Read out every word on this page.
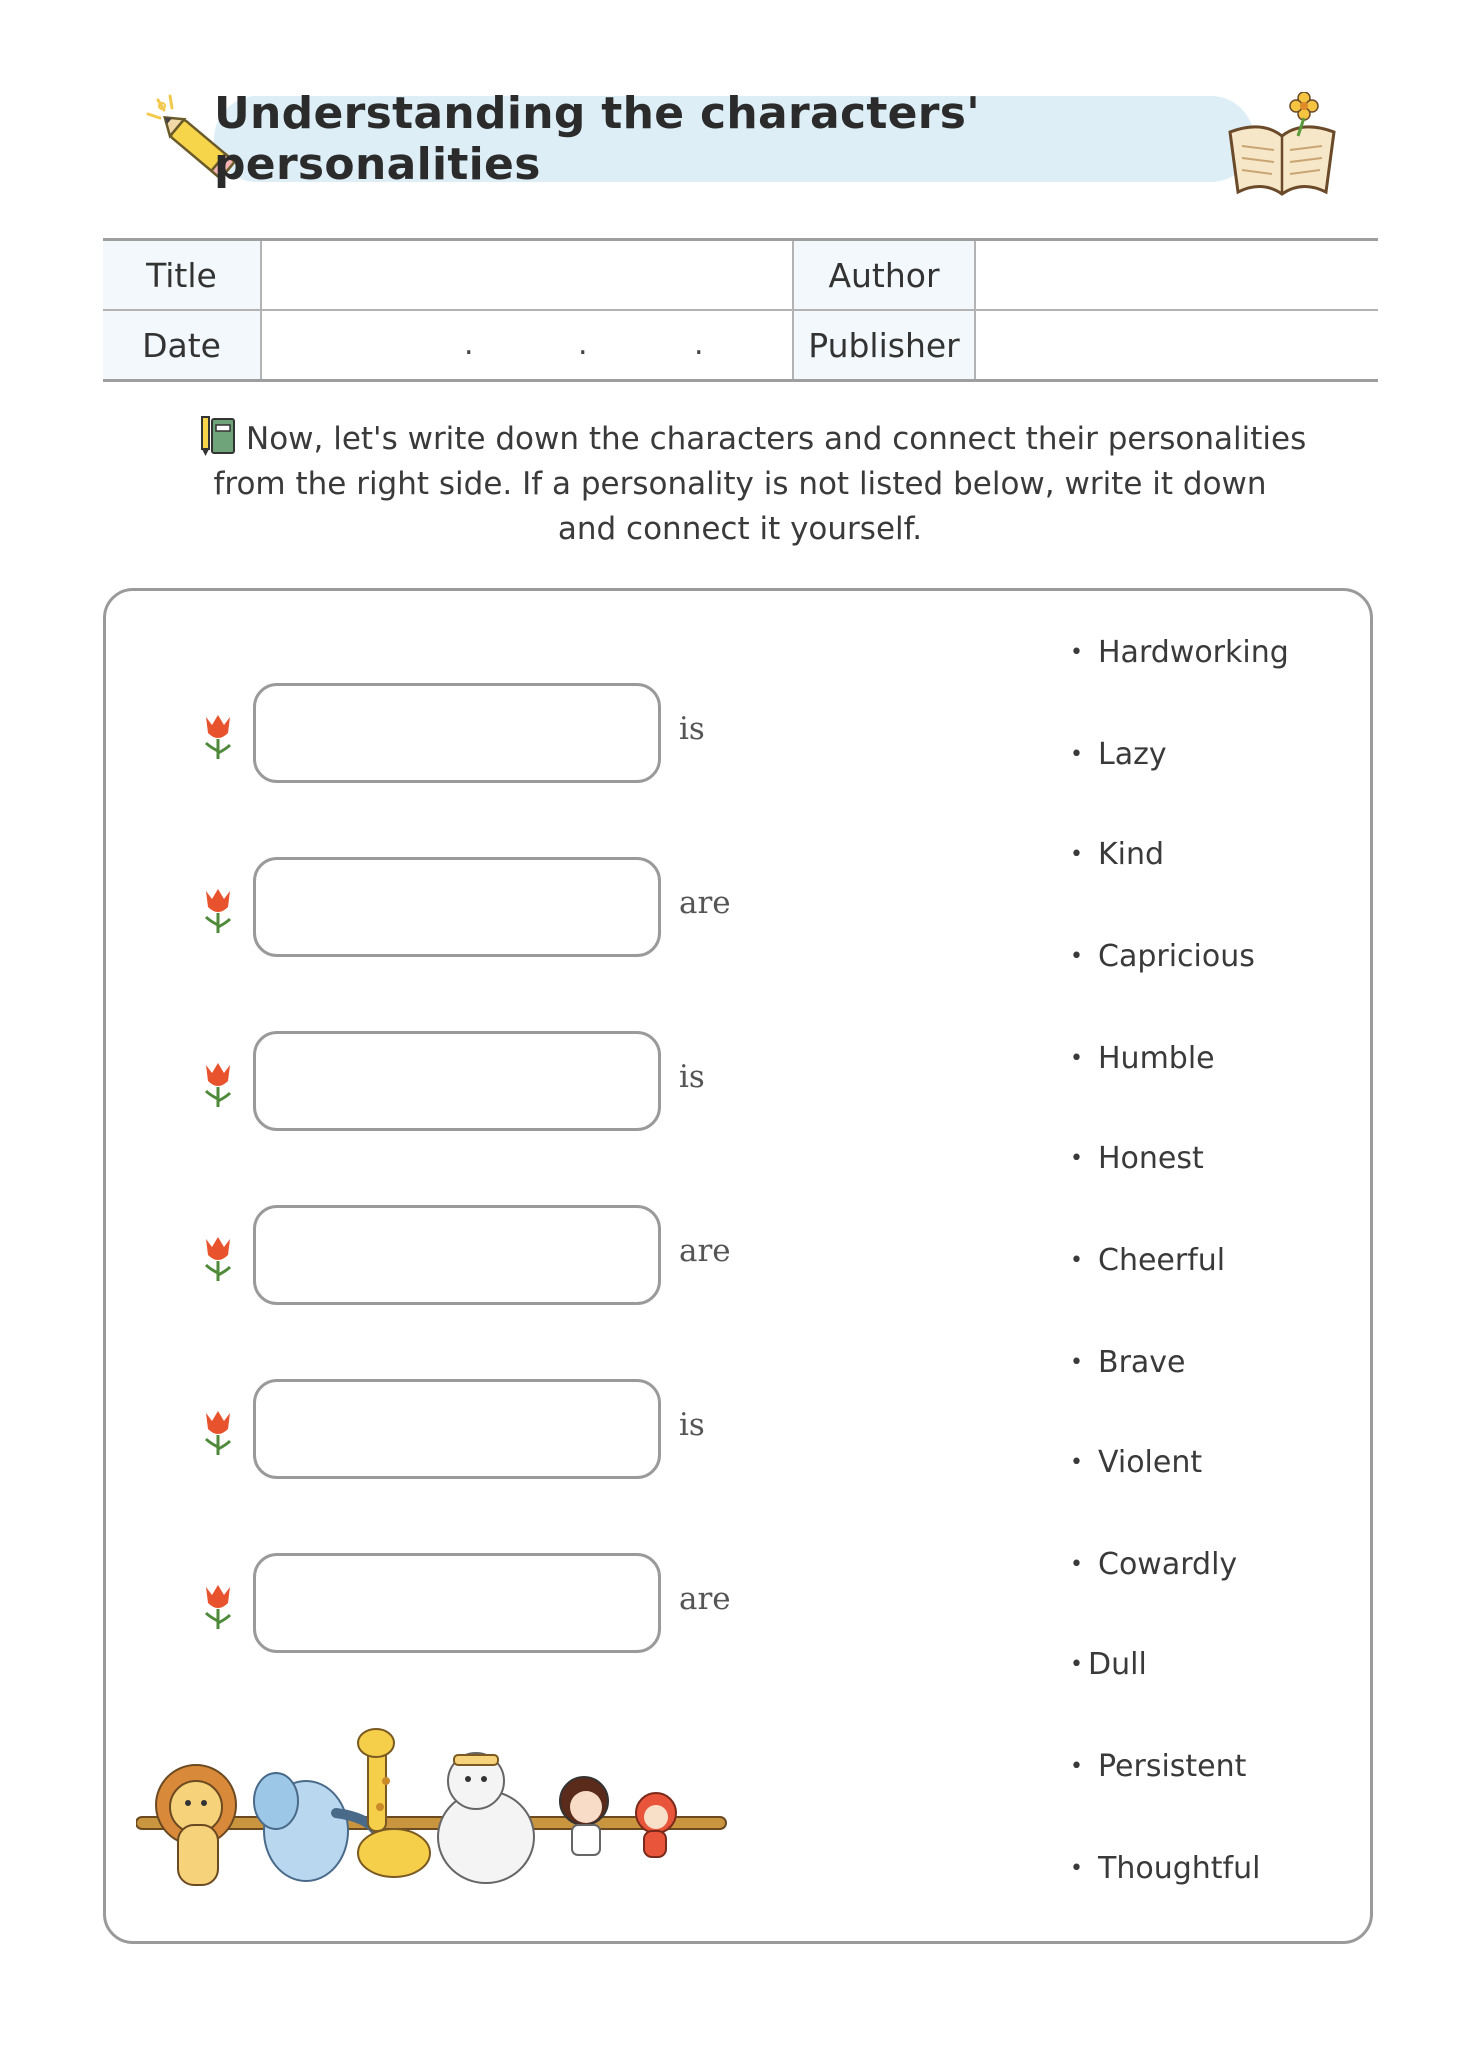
Understanding the characters' personalities
Title		Author	
Date	. . .	Publisher	
Now, let's write down the characters and connect their personalities
from the right side. If a personality is not listed below, write it down
and connect it yourself.
is
are
is
are
is
are
• Hardworking
• Lazy
• Kind
• Capricious
• Humble
• Honest
• Cheerful
• Brave
• Violent
• Cowardly
• Dull
• Persistent
• Thoughtful
